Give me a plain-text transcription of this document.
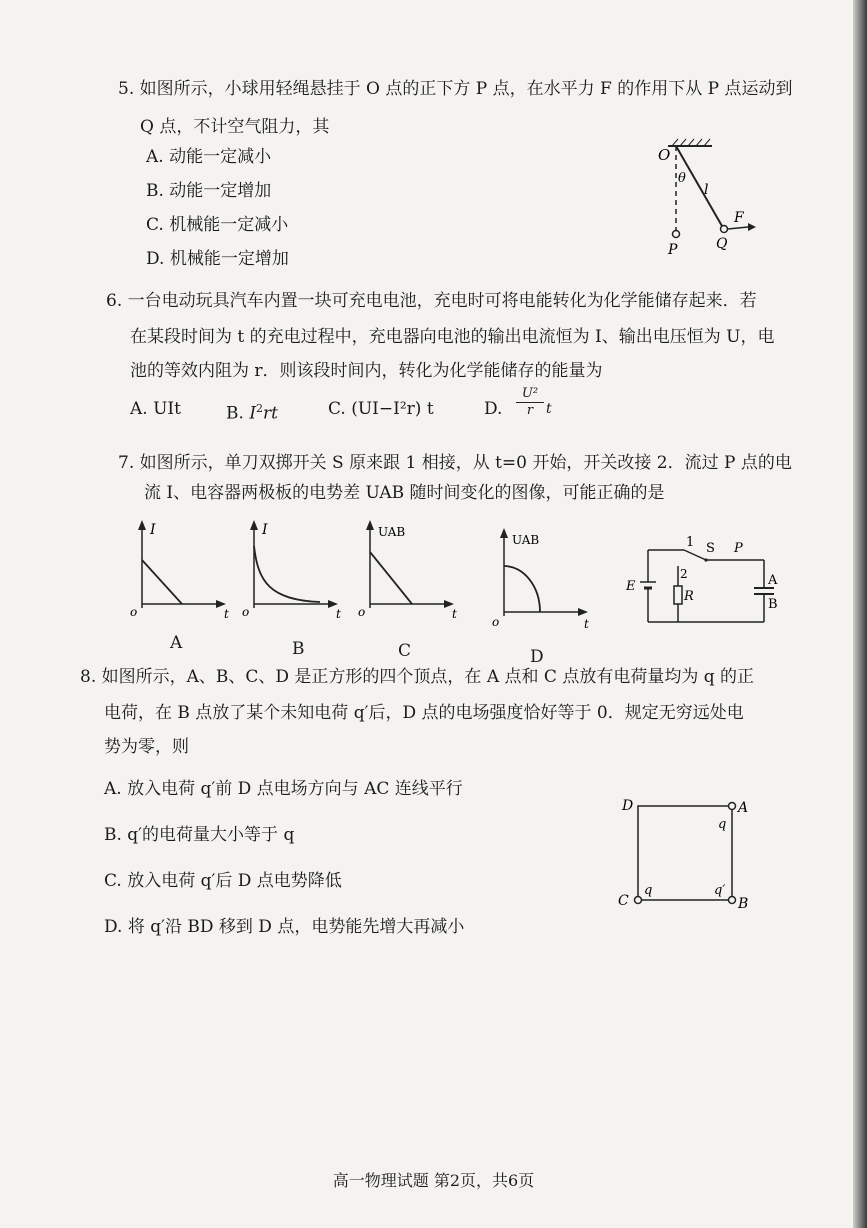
5. 如图所示，小球用轻绳悬挂于 O 点的正下方 P 点，在水平力 F 的作用下从 P 点运动到
Q 点，不计空气阻力，其
A. 动能一定减小
B. 动能一定增加
C. 机械能一定减小
D. 机械能一定增加
O
θ
l
F
P	Q
6. 一台电动玩具汽车内置一块可充电电池，充电时可将电能转化为化学能储存起来．若
在某段时间为 t 的充电过程中，充电器向电池的输出电流恒为 I、输出电压恒为 U，电
池的等效内阻为 r．则该段时间内，转化为化学能储存的能量为
A. UIt	B. $I^2rt$	C. (UI−I²r) t	D. $\frac{\text{U²}}{r}$ t
7. 如图所示，单刀双掷开关 S 原来跟 1 相接，从 t=0 开始，开关改接 2．流过 P 点的电
流 I、电容器两极板的电势差 UAB 随时间变化的图像，可能正确的是
I
o	t
A
I
o	t
B
UAB
o	t
C
UAB
o	t
D
1
2
S P
E
R
A
B
8. 如图所示，A、B、C、D 是正方形的四个顶点，在 A 点和 C 点放有电荷量均为 q 的正
电荷，在 B 点放了某个未知电荷 q′后，D 点的电场强度恰好等于 0．规定无穷远处电
势为零，则
A. 放入电荷 q′前 D 点电场方向与 AC 连线平行
B. q′的电荷量大小等于 q
C. 放入电荷 q′后 D 点电势降低
D. 将 q′沿 BD 移到 D 点，电势能先增大再减小
D	A
C	B
q
q	q′
高一物理试题 第2页，共6页
